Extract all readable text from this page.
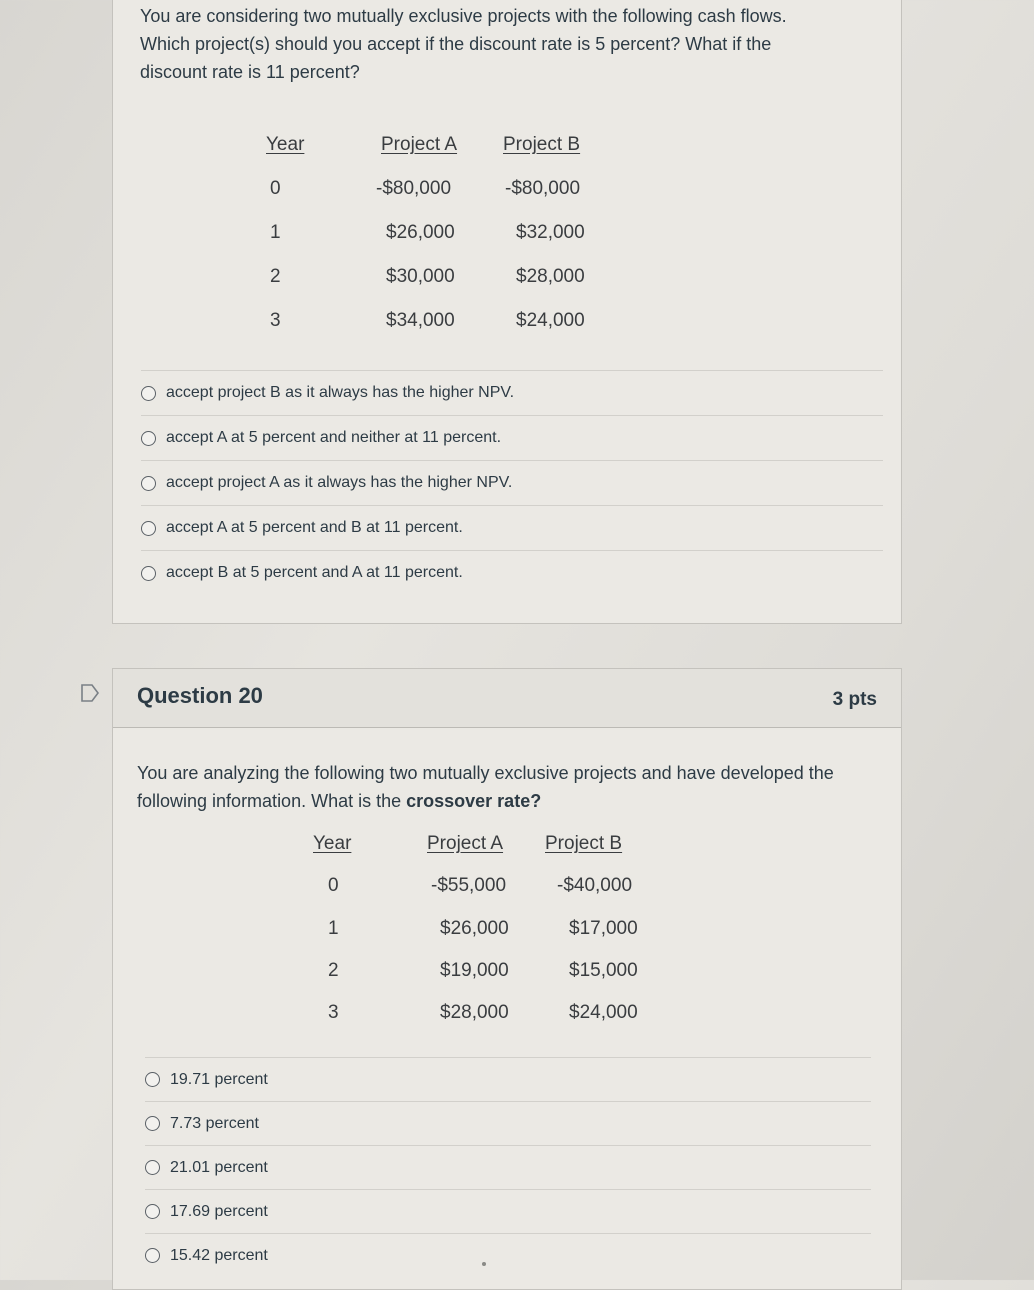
You are considering two mutually exclusive projects with the following cash flows. Which project(s) should you accept if the discount rate is 5 percent? What if the discount rate is 11 percent?

Year
0
1
2
3
Project A
-$80,000
$26,000
$30,000
$34,000
Project B
-$80,000
$32,000
$28,000
$24,000
accept project B as it always has the higher NPV.
accept A at 5 percent and neither at 11 percent.
accept project A as it always has the higher NPV.
accept A at 5 percent and B at 11 percent.
accept B at 5 percent and A at 11 percent.
Question 20	3 pts

You are analyzing the following two mutually exclusive projects and have developed the following information. What is the crossover rate?

Year
0
1
2
3
Project A
-$55,000
$26,000
$19,000
$28,000
Project B
-$40,000
$17,000
$15,000
$24,000
19.71 percent
7.73 percent
21.01 percent
17.69 percent
15.42 percent
